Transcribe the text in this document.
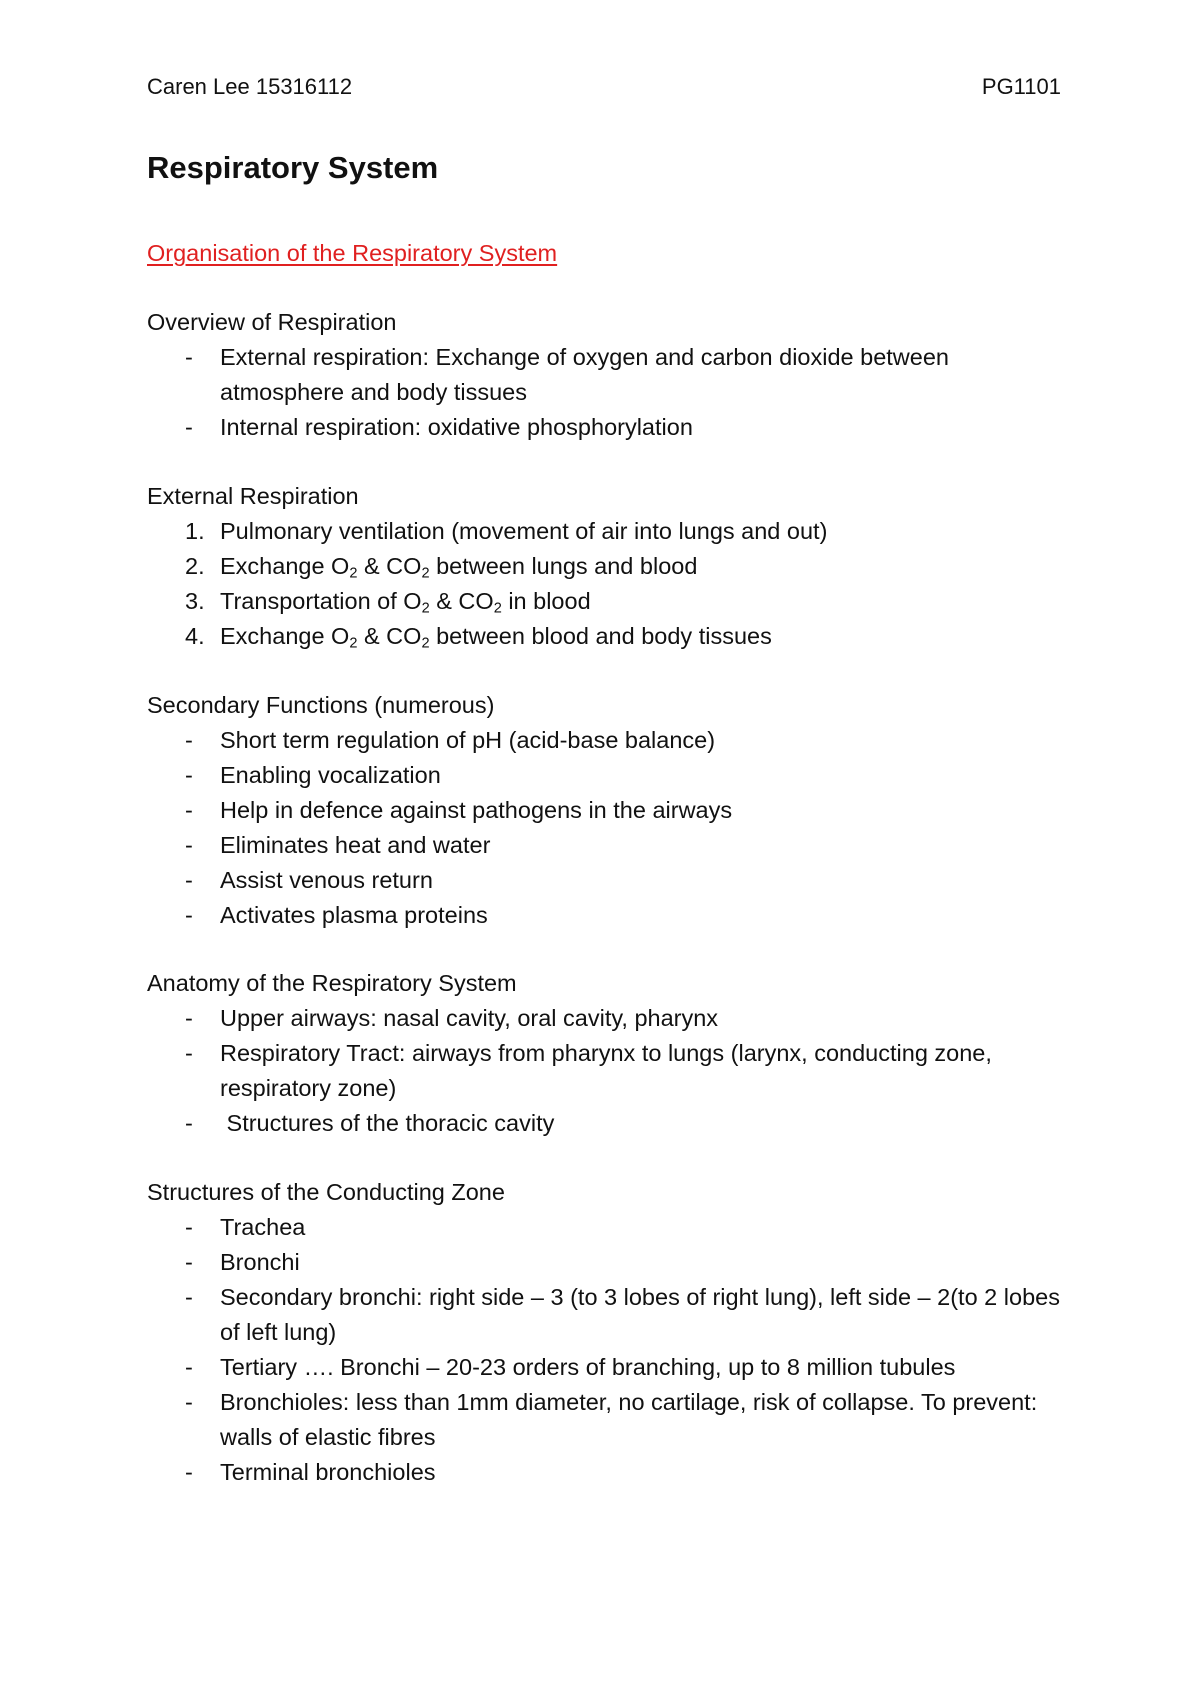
Caren Lee 15316112	PG1101
Respiratory System
Organisation of the Respiratory System
Overview of Respiration
-
External respiration: Exchange of oxygen and carbon dioxide between atmosphere and body tissues
-
Internal respiration: oxidative phosphorylation
External Respiration
1. Pulmonary ventilation (movement of air into lungs and out)
2. Exchange $O_2$ & $CO_2$ between lungs and blood
3. Transportation of $O_2$ & $CO_2$ in blood
4. Exchange $O_2$ & $CO_2$ between blood and body tissues
Secondary Functions (numerous)
-
Short term regulation of pH (acid-base balance)
-
Enabling vocalization
-
Help in defence against pathogens in the airways
-
Eliminates heat and water
-
Assist venous return
-
Activates plasma proteins
Anatomy of the Respiratory System
-
Upper airways: nasal cavity, oral cavity, pharynx
-
Respiratory Tract: airways from pharynx to lungs (larynx, conducting zone, respiratory zone)
-
Structures of the thoracic cavity
Structures of the Conducting Zone
-
Trachea
-
Bronchi
-
Secondary bronchi: right side – 3 (to 3 lobes of right lung), left side – 2(to 2 lobes of left lung)
-
Tertiary …. Bronchi – 20-23 orders of branching, up to 8 million tubules
-
Bronchioles: less than 1mm diameter, no cartilage, risk of collapse. To prevent: walls of elastic fibres
-
Terminal bronchioles
